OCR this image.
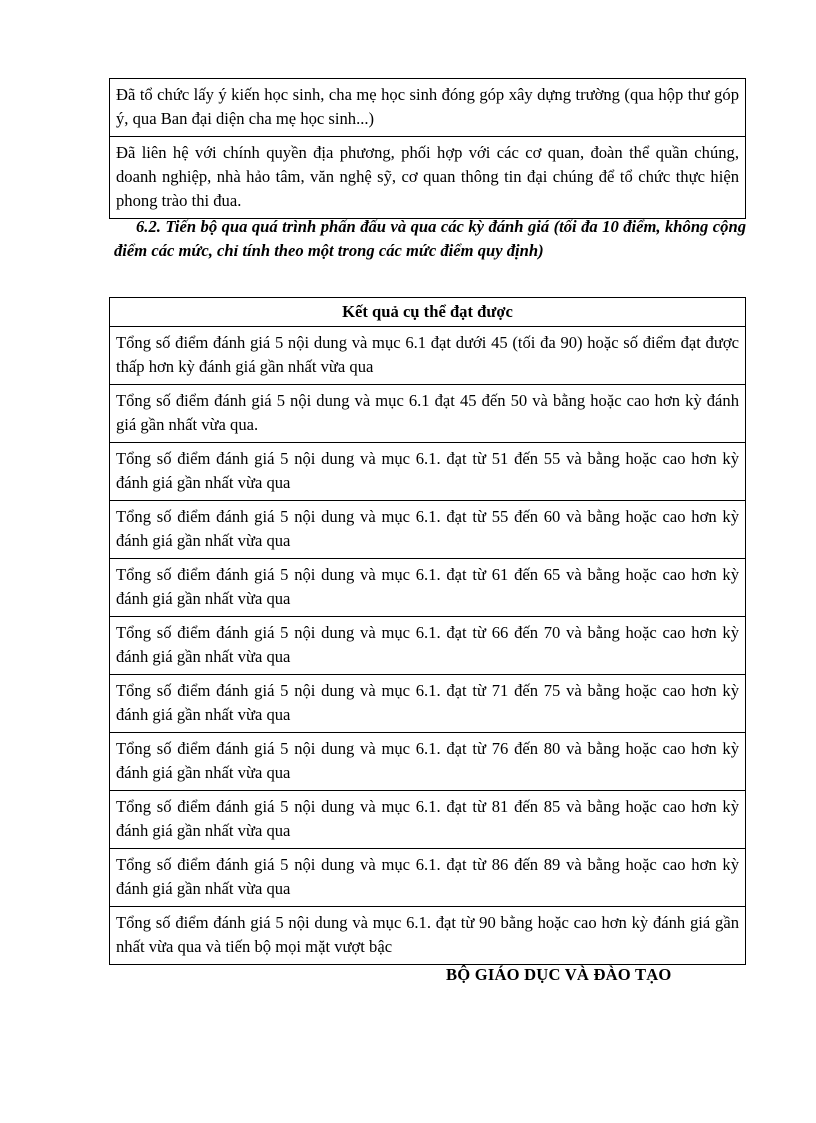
Đã tổ chức lấy ý kiến học sinh, cha mẹ học sinh đóng góp xây dựng trường (qua hộp thư góp ý, qua Ban đại diện cha mẹ học sinh...)
Đã liên hệ với chính quyền địa phương, phối hợp với các cơ quan, đoàn thể quần chúng, doanh nghiệp, nhà hảo tâm, văn nghệ sỹ, cơ quan thông tin đại chúng để tổ chức thực hiện phong trào thi đua.
6.2. Tiến bộ qua quá trình phấn đấu và qua các kỳ đánh giá (tối đa 10 điểm, không cộng điểm các mức, chỉ tính theo một trong các mức điểm quy định)
Kết quả cụ thể đạt được
Tổng số điểm đánh giá 5 nội dung và mục 6.1 đạt dưới 45 (tối đa 90) hoặc số điểm đạt được thấp hơn kỳ đánh giá gần nhất vừa qua
Tổng số điểm đánh giá 5 nội dung và mục 6.1 đạt 45 đến 50 và bằng hoặc cao hơn kỳ đánh giá gần nhất vừa qua.
Tổng số điểm đánh giá 5 nội dung và mục 6.1. đạt từ 51 đến 55 và bằng hoặc cao hơn kỳ đánh giá gần nhất vừa qua
Tổng số điểm đánh giá 5 nội dung và mục 6.1. đạt từ 55 đến 60 và bằng hoặc cao hơn kỳ đánh giá gần nhất vừa qua
Tổng số điểm đánh giá 5 nội dung và mục 6.1. đạt từ 61 đến 65 và bằng hoặc cao hơn kỳ đánh giá gần nhất vừa qua
Tổng số điểm đánh giá 5 nội dung và mục 6.1. đạt từ 66 đến 70 và bằng hoặc cao hơn kỳ đánh giá gần nhất vừa qua
Tổng số điểm đánh giá 5 nội dung và mục 6.1. đạt từ 71 đến 75 và bằng hoặc cao hơn kỳ đánh giá gần nhất vừa qua
Tổng số điểm đánh giá 5 nội dung và mục 6.1. đạt từ 76 đến 80 và bằng hoặc cao hơn kỳ đánh giá gần nhất vừa qua
Tổng số điểm đánh giá 5 nội dung và mục 6.1. đạt từ 81 đến 85 và bằng hoặc cao hơn kỳ đánh giá gần nhất vừa qua
Tổng số điểm đánh giá 5 nội dung và mục 6.1. đạt từ 86 đến 89 và bằng hoặc cao hơn kỳ đánh giá gần nhất vừa qua
Tổng số điểm đánh giá 5 nội dung và mục 6.1. đạt từ 90 bằng hoặc cao hơn kỳ đánh giá gần nhất vừa qua và tiến bộ mọi mặt vượt bậc
BỘ GIÁO DỤC VÀ ĐÀO TẠO
